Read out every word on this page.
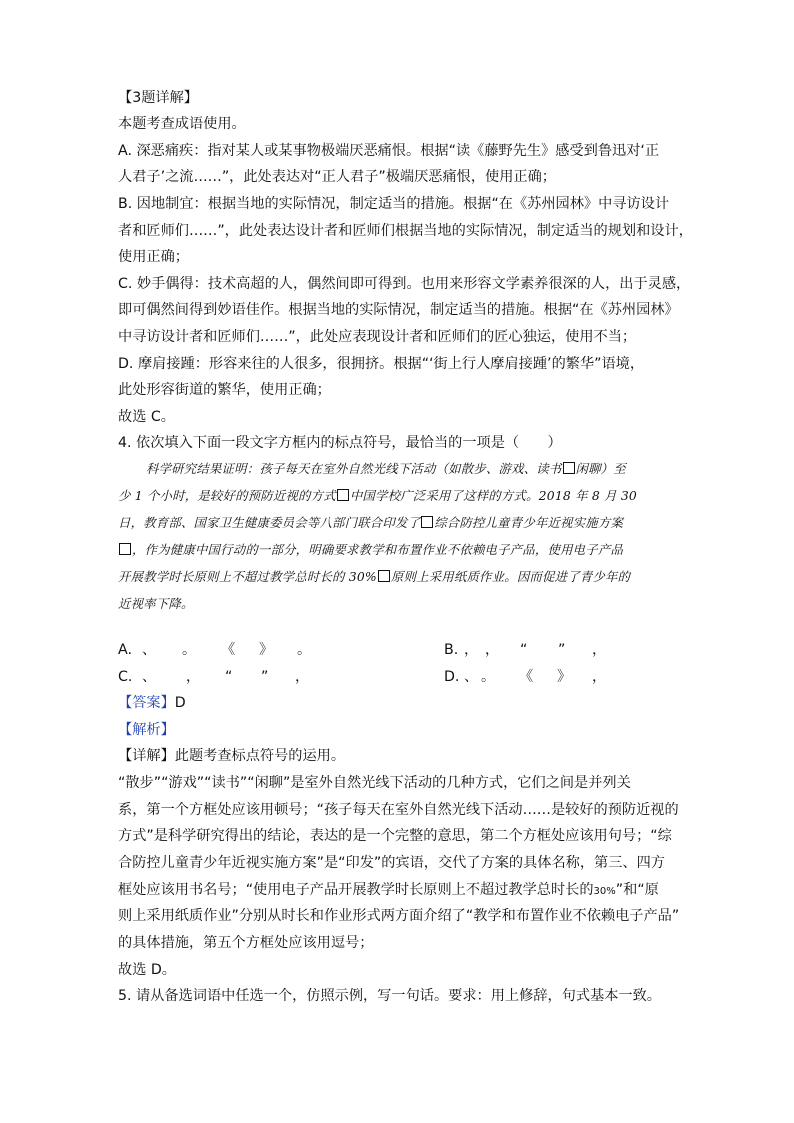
【3题详解】
本题考查成语使用。
A. 深恶痛疾：指对某人或某事物极端厌恶痛恨。根据“读《藤野先生》感受到鲁迅对‘正
人君子’之流……”，此处表达对“正人君子”极端厌恶痛恨，使用正确；
B. 因地制宜：根据当地的实际情况，制定适当的措施。根据“在《苏州园林》中寻访设计
者和匠师们……”，此处表达设计者和匠师们根据当地的实际情况，制定适当的规划和设计，
使用正确；
C. 妙手偶得：技术高超的人，偶然间即可得到。也用来形容文学素养很深的人，出于灵感，
即可偶然间得到妙语佳作。根据当地的实际情况，制定适当的措施。根据“在《苏州园林》
中寻访设计者和匠师们……”，此处应表现设计者和匠师们的匠心独运，使用不当；
D. 摩肩接踵：形容来往的人很多，很拥挤。根据“‘街上行人摩肩接踵’的繁华”语境，
此处形容街道的繁华，使用正确；
故选 C。
4. 依次填入下面一段文字方框内的标点符号，最恰当的一项是（　　）
科学研究结果证明：孩子每天在室外自然光线下活动（如散步、游戏、读书 闲聊）至
少 1 个小时，是较好的预防近视的方式 中国学校广泛采用了这样的方式。2018 年 8 月 30
日，教育部、国家卫生健康委员会等八部门联合印发了 综合防控儿童青少年近视实施方案
，作为健康中国行动的一部分，明确要求教学和布置作业不依赖电子产品，使用电子产品
开展教学时长原则上不超过教学总时长的 30% 原则上采用纸质作业。因而促进了青少年的
近视率下降。
A. 、 。 《 》 。	B. ， ， “ ” ，
C. 、 ， “ ” ，	D. 、 。 《 》 ，
【答案】D
【解析】
【详解】此题考查标点符号的运用。
“散步”“游戏”“读书”“闲聊”是室外自然光线下活动的几种方式，它们之间是并列关
系，第一个方框处应该用顿号；“孩子每天在室外自然光线下活动……是较好的预防近视的
方式”是科学研究得出的结论，表达的是一个完整的意思，第二个方框处应该用句号；“综
合防控儿童青少年近视实施方案”是“印发”的宾语，交代了方案的具体名称，第三、四方
框处应该用书名号；“使用电子产品开展教学时长原则上不超过教学总时长的30%”和“原
则上采用纸质作业”分别从时长和作业形式两方面介绍了“教学和布置作业不依赖电子产品”
的具体措施，第五个方框处应该用逗号；
故选 D。
5. 请从备选词语中任选一个，仿照示例，写一句话。要求：用上修辞，句式基本一致。
